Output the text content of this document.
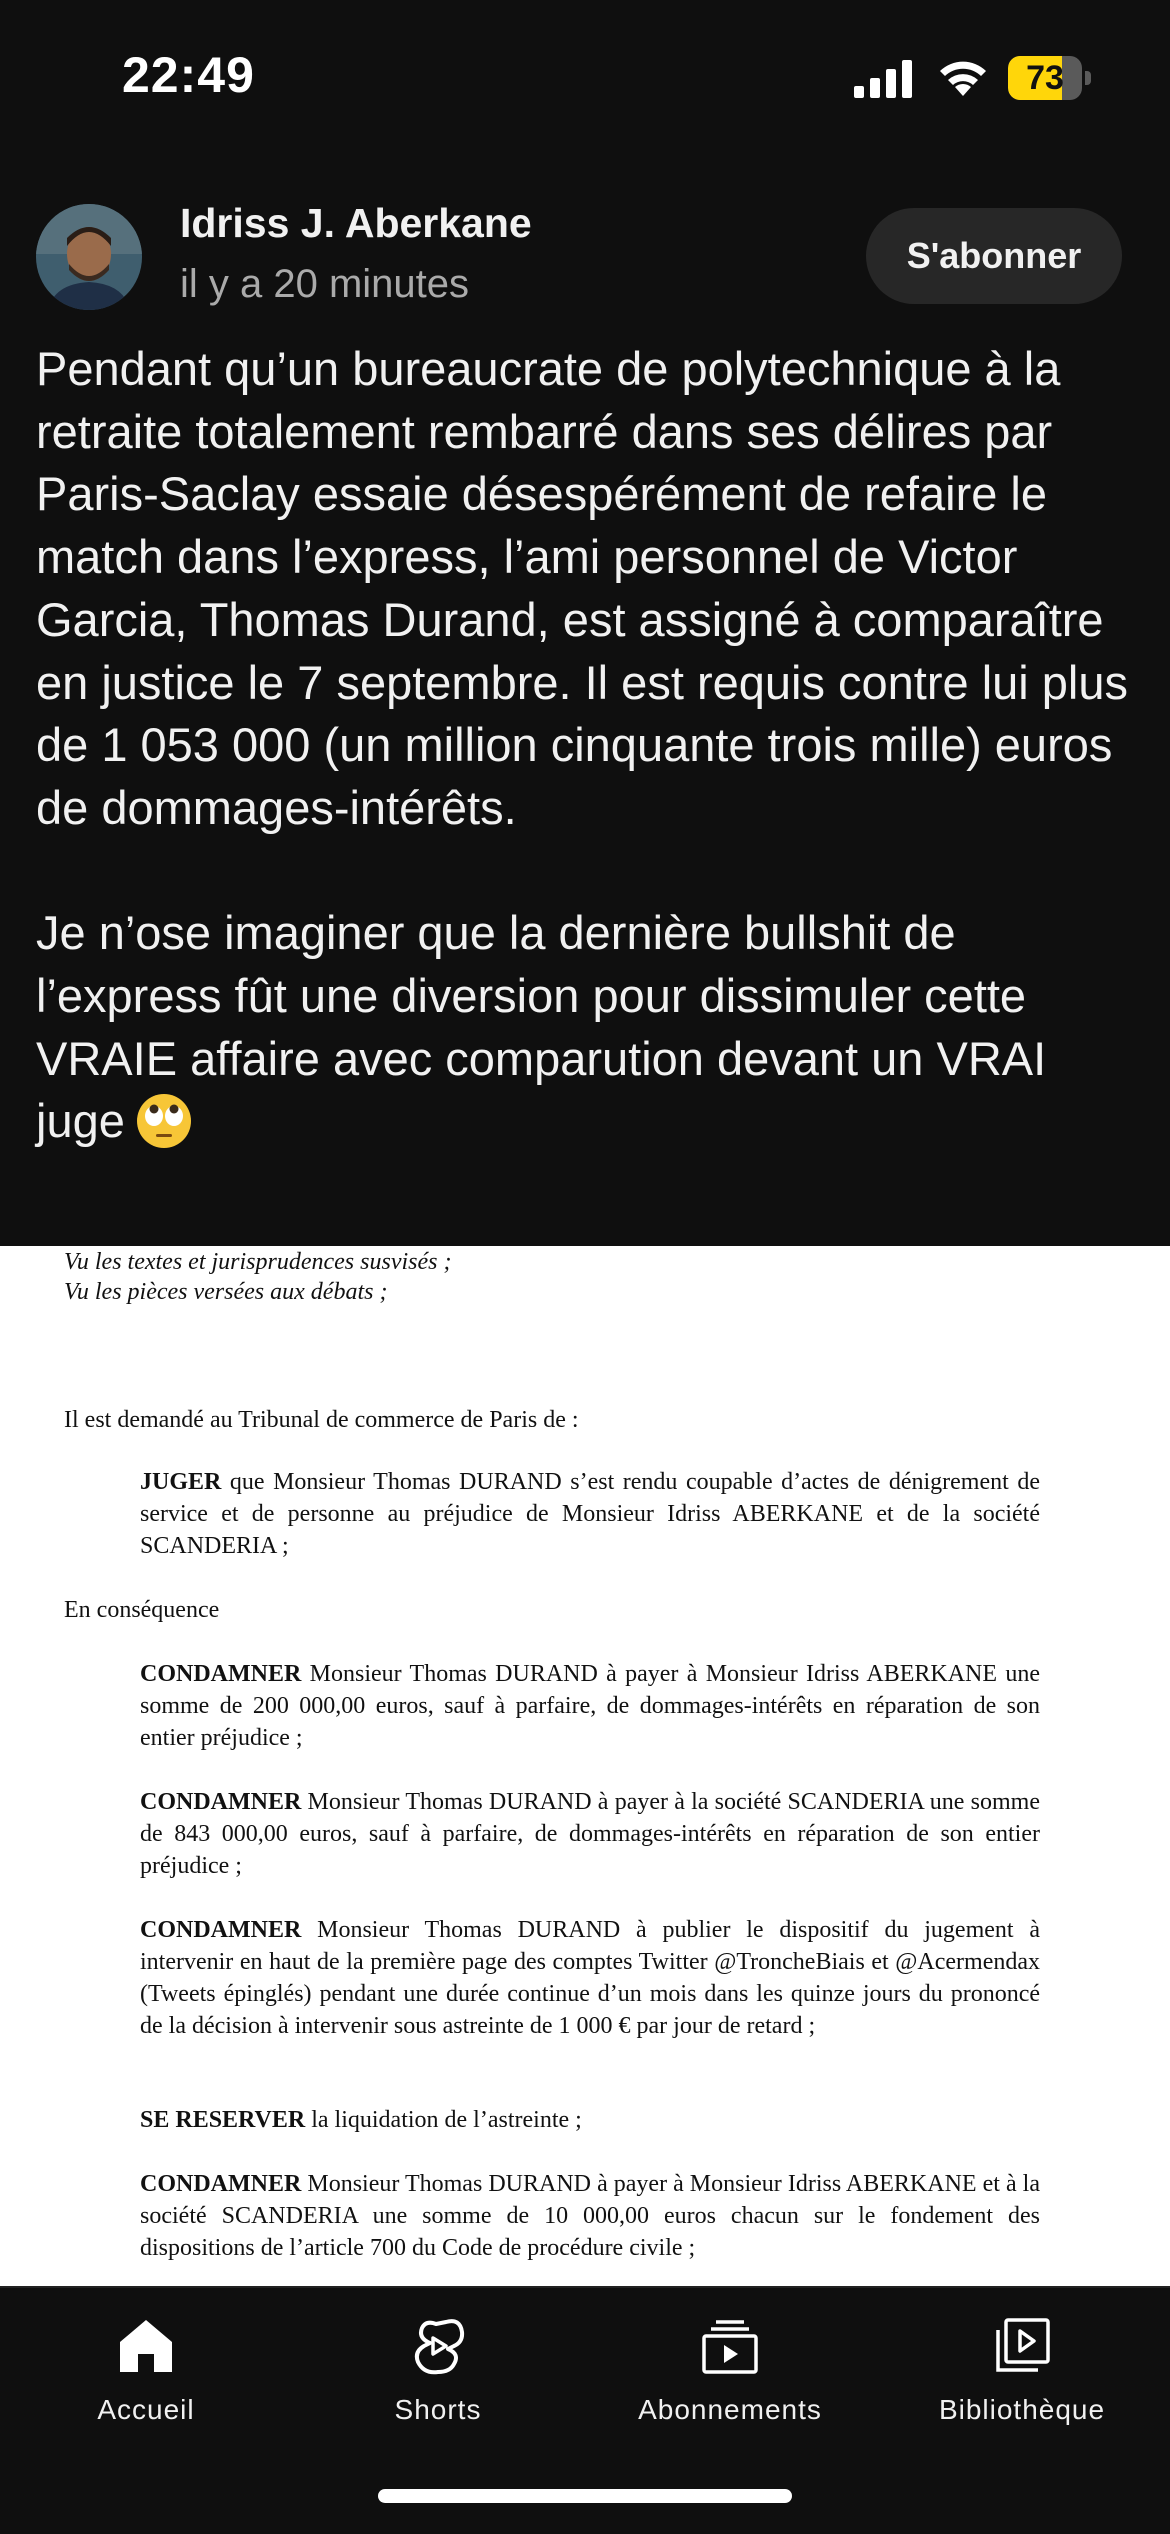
22:49	73
Idriss J. Aberkane
il y a 20 minutes
S'abonner

Pendant qu’un bureaucrate de polytechnique à la retraite totalement rembarré dans ses délires par Paris-Saclay essaie désespérément de refaire le match dans l’express, l’ami personnel de Victor Garcia, Thomas Durand, est assigné à comparaître en justice le 7 septembre. Il est requis contre lui plus de 1 053 000 (un million cinquante trois mille) euros de dommages-intérêts.

Je n’ose imaginer que la dernière bullshit de l’express fût une diversion pour dissimuler cette VRAIE affaire avec comparution devant un VRAI juge

Vu les textes et jurisprudences susvisés ;
Vu les pièces versées aux débats ;
Il est demandé au Tribunal de commerce de Paris de :
JUGER que Monsieur Thomas DURAND s’est rendu coupable d’actes de dénigrement de service et de personne au préjudice de Monsieur Idriss ABERKANE et de la société SCANDERIA ;
En conséquence
CONDAMNER Monsieur Thomas DURAND à payer à Monsieur Idriss ABERKANE une somme de 200 000,00 euros, sauf à parfaire, de dommages-intérêts en réparation de son entier préjudice ;
CONDAMNER Monsieur Thomas DURAND à payer à la société SCANDERIA une somme de 843 000,00 euros, sauf à parfaire, de dommages-intérêts en réparation de son entier préjudice ;
CONDAMNER Monsieur Thomas DURAND à publier le dispositif du jugement à intervenir en haut de la première page des comptes Twitter @TroncheBiais et @Acermendax (Tweets épinglés) pendant une durée continue d’un mois dans les quinze jours du prononcé de la décision à intervenir sous astreinte de 1 000 € par jour de retard ;
SE RESERVER la liquidation de l’astreinte ;
CONDAMNER Monsieur Thomas DURAND à payer à Monsieur Idriss ABERKANE et à la société SCANDERIA une somme de 10 000,00 euros chacun sur le fondement des dispositions de l’article 700 du Code de procédure civile ;
Accueil	Shorts	Abonnements	Bibliothèque
